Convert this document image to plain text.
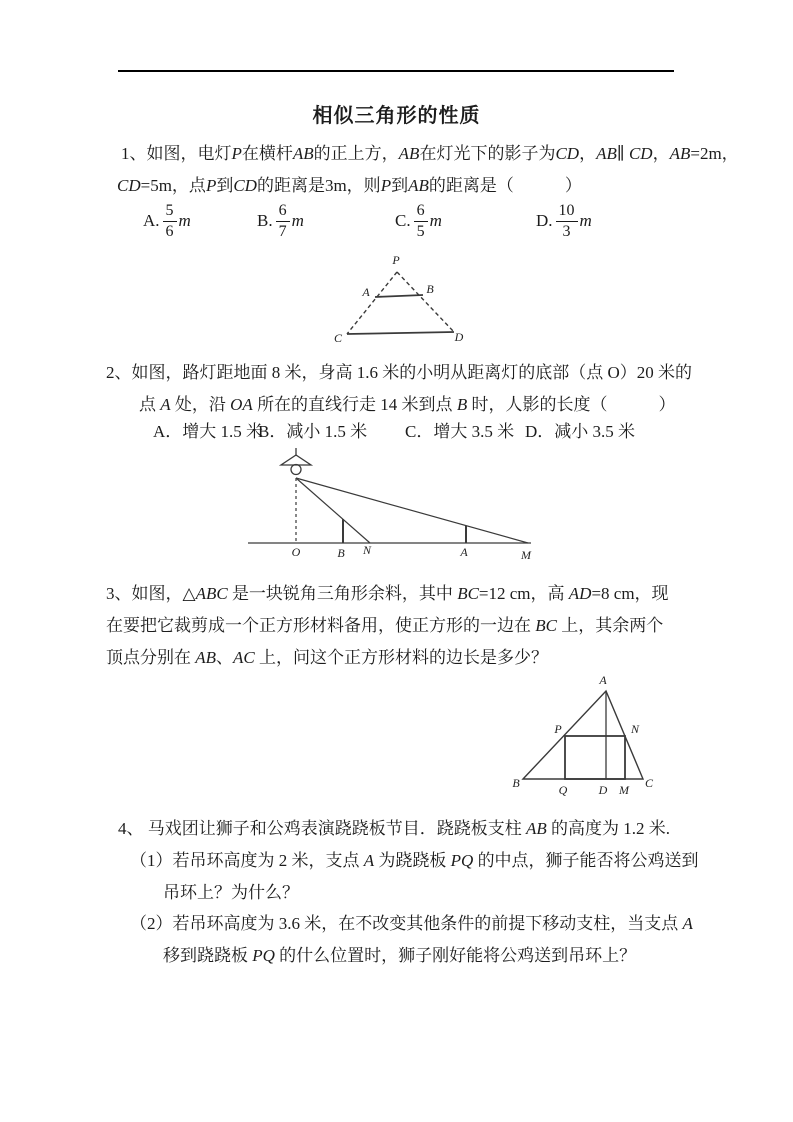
相似三角形的性质
1、如图，电灯P在横杆AB的正上方，AB在灯光下的影子为CD，AB∥ CD，AB=2m，
CD=5m，点P到CD的距离是3m，则P到AB的距离是（　　　）
A. $\frac{5}{6}$ m	B. $\frac{6}{7}$ m	C. $\frac{6}{5}$ m	D. $\frac{10}{3}$ m
P
A	B
C	D
2、如图，路灯距地面 8 米，身高 1.6 米的小明从距离灯的底部（点 O）20 米的
点 A 处，沿 OA 所在的直线行走 14 米到点 B 时，人影的长度（　　　）
A．增大 1.5 米
B．减小 1.5 米 C．增大 3.5 米 D．减小 3.5 米
O	B N	A	M
3、如图，△ABC 是一块锐角三角形余料，其中 BC=12 cm，高 AD=8 cm，现
在要把它裁剪成一个正方形材料备用，使正方形的一边在 BC 上，其余两个
顶点分别在 AB、AC 上，问这个正方形材料的边长是多少？
A
B	C
P	N
Q	D M
4、 马戏团让狮子和公鸡表演跷跷板节目．跷跷板支柱 AB 的高度为 1.2 米.
（1）若吊环高度为 2 米，支点 A 为跷跷板 PQ 的中点，狮子能否将公鸡送到
吊环上？为什么？
（2）若吊环高度为 3.6 米，在不改变其他条件的前提下移动支柱，当支点 A
移到跷跷板 PQ 的什么位置时，狮子刚好能将公鸡送到吊环上？
